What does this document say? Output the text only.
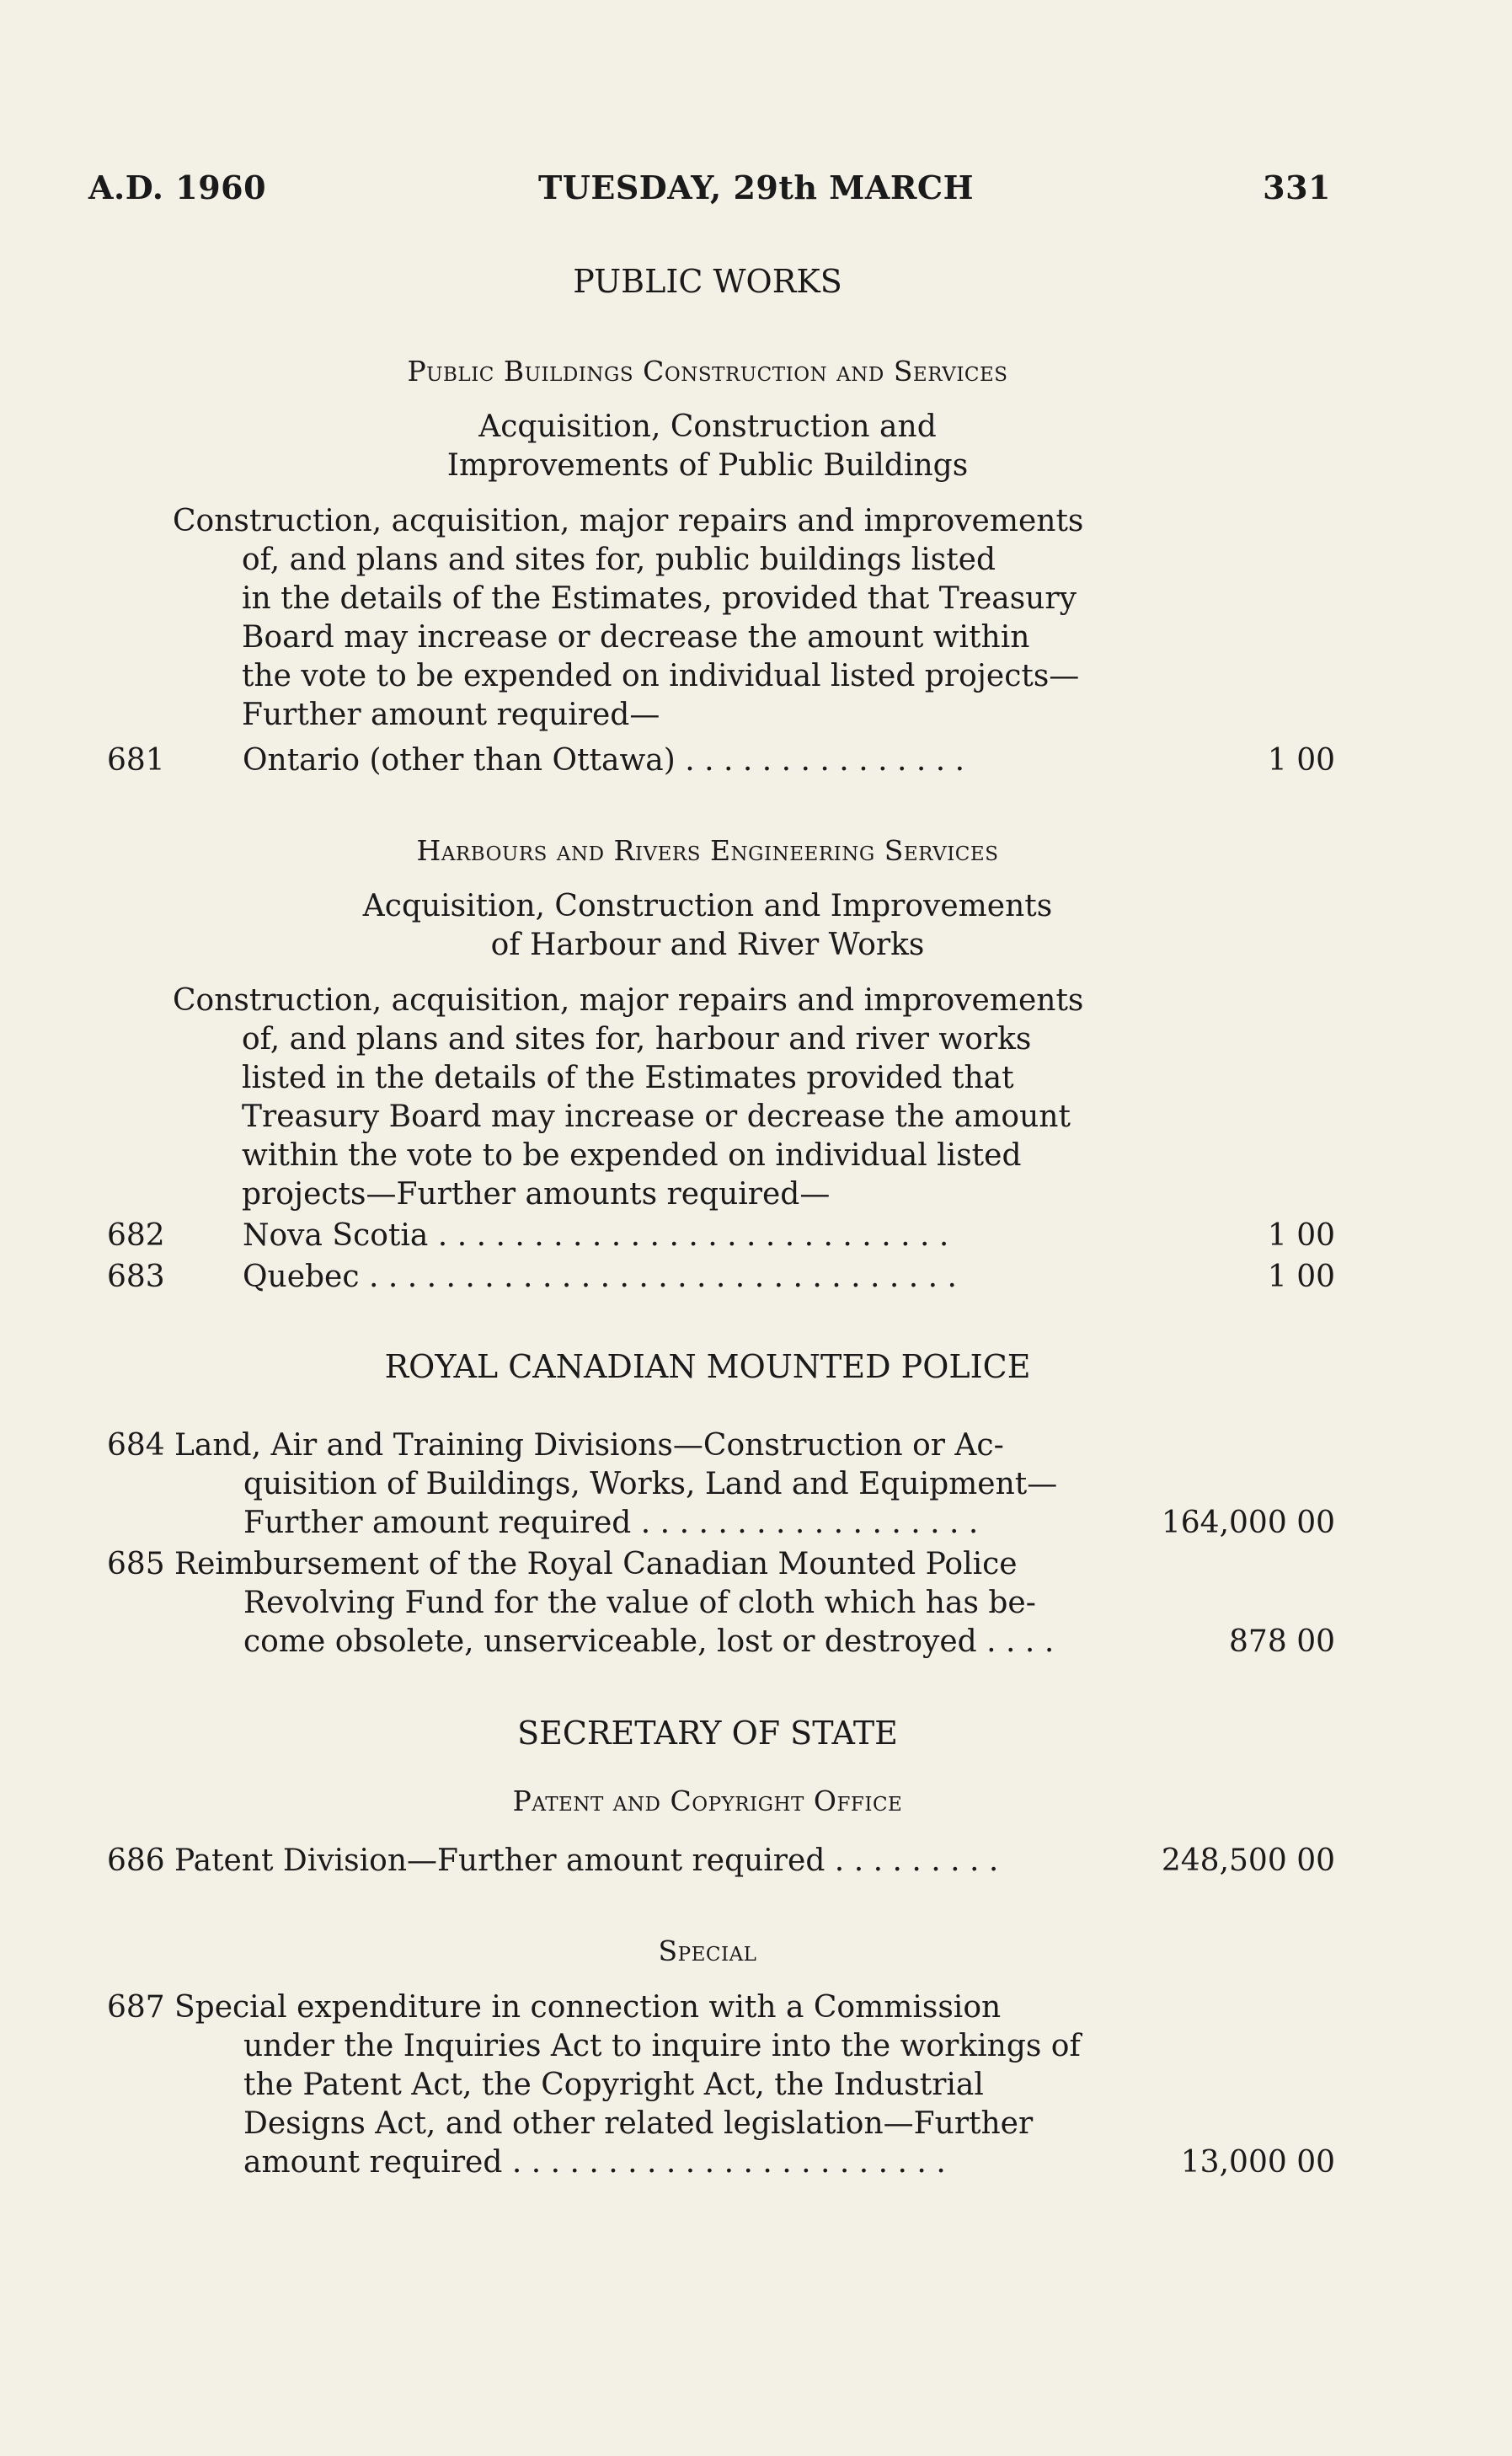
A.D. 1960	TUESDAY, 29th MARCH	331
PUBLIC WORKS
Public Buildings Construction and Services
Acquisition, Construction and
Improvements of Public Buildings
Construction, acquisition, major repairs and improvements
of, and plans and sites for, public buildings listed
in the details of the Estimates, provided that Treasury
Board may increase or decrease the amount within
the vote to be expended on individual listed projects—
Further amount required—
681	Ontario (other than Ottawa) . . . . . . . . . . . . . . .	1 00
Harbours and Rivers Engineering Services
Acquisition, Construction and Improvements
of Harbour and River Works
Construction, acquisition, major repairs and improvements
of, and plans and sites for, harbour and river works
listed in the details of the Estimates provided that
Treasury Board may increase or decrease the amount
within the vote to be expended on individual listed
projects—Further amounts required—
682	Nova Scotia . . . . . . . . . . . . . . . . . . . . . . . . . . .	1 00
683	Quebec . . . . . . . . . . . . . . . . . . . . . . . . . . . . . . .	1 00
ROYAL CANADIAN MOUNTED POLICE
684 Land, Air and Training Divisions—Construction or Ac-
quisition of Buildings, Works, Land and Equipment—
Further amount required . . . . . . . . . . . . . . . . . .	164,000 00
685 Reimbursement of the Royal Canadian Mounted Police
Revolving Fund for the value of cloth which has be-
come obsolete, unserviceable, lost or destroyed . . . .	878 00
SECRETARY OF STATE
Patent and Copyright Office
686 Patent Division—Further amount required . . . . . . . . .	248,500 00
Special
687 Special expenditure in connection with a Commission
under the Inquiries Act to inquire into the workings of
the Patent Act, the Copyright Act, the Industrial
Designs Act, and other related legislation—Further
amount required . . . . . . . . . . . . . . . . . . . . . . .	13,000 00
